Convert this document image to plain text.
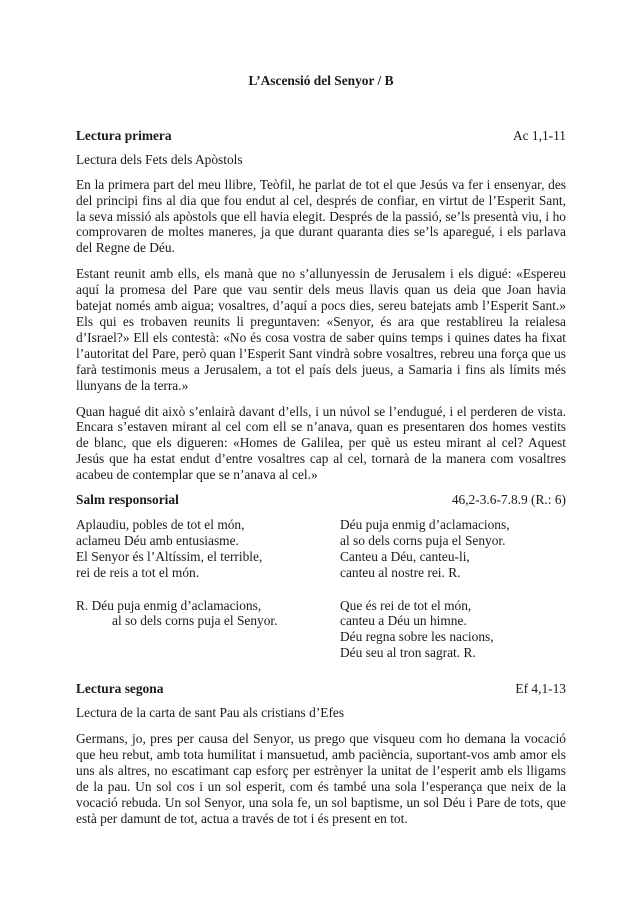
L’Ascensió del Senyor / B
Lectura primera	Ac 1,1-11
Lectura dels Fets dels Apòstols

En la primera part del meu llibre, Teòfil, he parlat de tot el que Jesús va fer i ensenyar, des del principi fins al dia que fou endut al cel, després de confiar, en virtut de l’Esperit Sant, la seva missió als apòstols que ell havia elegit. Després de la passió, se’ls presentà viu, i ho comprovaren de moltes maneres, ja que durant quaranta dies se’ls aparegué, i els parlava del Regne de Déu.

Estant reunit amb ells, els manà que no s’allunyessin de Jerusalem i els digué: «Espereu aquí la promesa del Pare que vau sentir dels meus llavis quan us deia que Joan havia batejat només amb aigua; vosaltres, d’aquí a pocs dies, sereu batejats amb l’Esperit Sant.» Els qui es trobaven reunits li preguntaven: «Senyor, és ara que restablireu la reialesa d’Israel?» Ell els contestà: «No és cosa vostra de saber quins temps i quines dates ha fixat l’autoritat del Pare, però quan l’Esperit Sant vindrà sobre vosaltres, rebreu una força que us farà testimonis meus a Jerusalem, a tot el país dels jueus, a Samaria i fins als límits més llunyans de la terra.»

Quan hagué dit això s’enlairà davant d’ells, i un núvol se l’endugué, i el perderen de vista. Encara s’estaven mirant al cel com ell se n’anava, quan es presentaren dos homes vestits de blanc, que els digueren: «Homes de Galilea, per què us esteu mirant al cel? Aquest Jesús que ha estat endut d’entre vosaltres cap al cel, tornarà de la manera com vosaltres acabeu de contemplar que se n’anava al cel.»

Salm responsorial	46,2-3.6-7.8.9 (R.: 6)
Aplaudiu, pobles de tot el món,
aclameu Déu amb entusiasme.
El Senyor és l’Altíssim, el terrible,
rei de reis a tot el món.
Déu puja enmig d’aclamacions,
al so dels corns puja el Senyor.
Canteu a Déu, canteu-li,
canteu al nostre rei. R.
R. Déu puja enmig d’aclamacions,
al so dels corns puja el Senyor.
Que és rei de tot el món,
canteu a Déu un himne.
Déu regna sobre les nacions,
Déu seu al tron sagrat. R.
Lectura segona	Ef 4,1-13
Lectura de la carta de sant Pau als cristians d’Efes

Germans, jo, pres per causa del Senyor, us prego que visqueu com ho demana la vocació que heu rebut, amb tota humilitat i mansuetud, amb paciència, suportant-vos amb amor els uns als altres, no escatimant cap esforç per estrènyer la unitat de l’esperit amb els lligams de la pau. Un sol cos i un sol esperit, com és també una sola l’esperança que neix de la vocació rebuda. Un sol Senyor, una sola fe, un sol baptisme, un sol Déu i Pare de tots, que està per damunt de tot, actua a través de tot i és present en tot.
